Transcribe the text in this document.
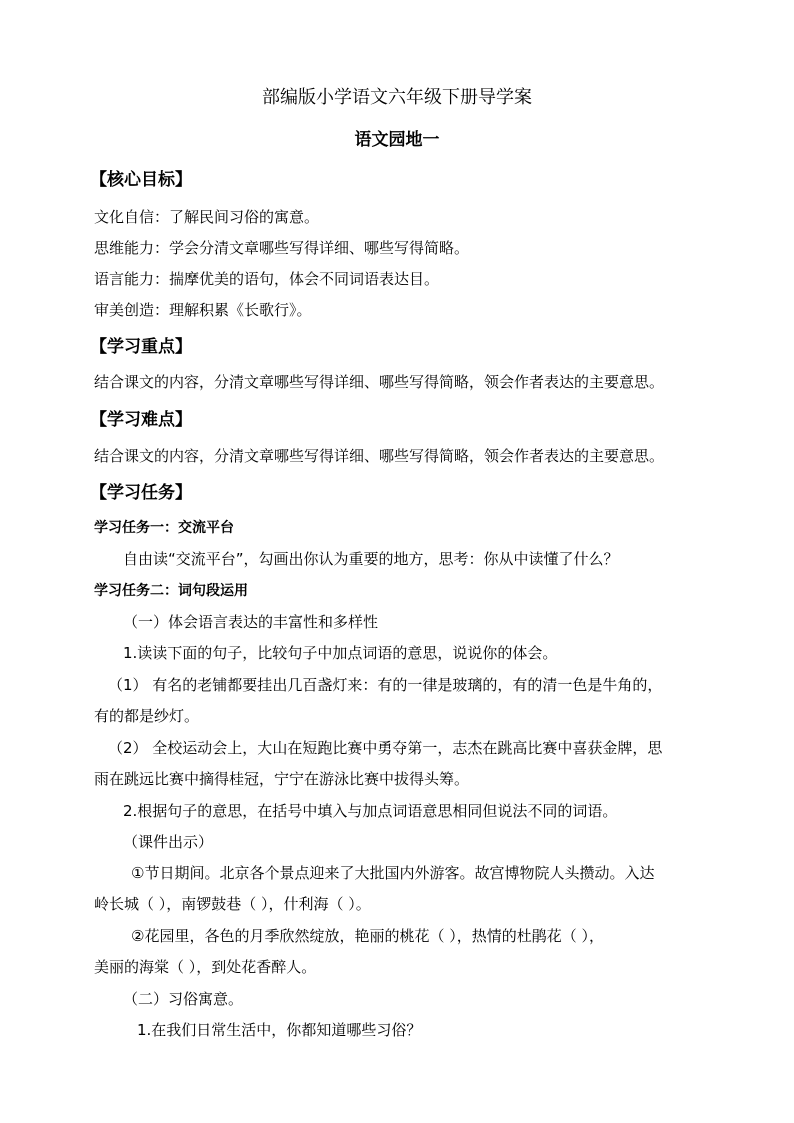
部编版小学语文六年级下册导学案
语文园地一
【核心目标】
文化自信：了解民间习俗的寓意。
思维能力：学会分清文章哪些写得详细、哪些写得简略。
语言能力：揣摩优美的语句，体会不同词语表达目。
审美创造：理解积累《长歌行》。
【学习重点】
结合课文的内容，分清文章哪些写得详细、哪些写得简略，领会作者表达的主要意思。
【学习难点】
结合课文的内容，分清文章哪些写得详细、哪些写得简略，领会作者表达的主要意思。
【学习任务】
学习任务一：交流平台
自由读“交流平台”，勾画出你认为重要的地方，思考：你从中读懂了什么？
学习任务二：词句段运用
（一）体会语言表达的丰富性和多样性
1.读读下面的句子，比较句子中加点词语的意思，说说你的体会。
（1） 有名的老铺都要挂出几百盏灯来：有的一律是玻璃的，有的清一色是牛角的，
有的都是纱灯。
（2） 全校运动会上，大山在短跑比赛中勇夺第一，志杰在跳高比赛中喜获金牌，思
雨在跳远比赛中摘得桂冠，宁宁在游泳比赛中拔得头筹。
2.根据句子的意思，在括号中填入与加点词语意思相同但说法不同的词语。
（课件出示）
①节日期间。北京各个景点迎来了大批国内外游客。故宫博物院人头攒动。入达
岭长城（ ），南锣鼓巷（ ），什利海（ ）。
②花园里，各色的月季欣然绽放，艳丽的桃花（ ），热情的杜鹃花（ ），
美丽的海棠（ ），到处花香醉人。
（二）习俗寓意。
1.在我们日常生活中，你都知道哪些习俗？
